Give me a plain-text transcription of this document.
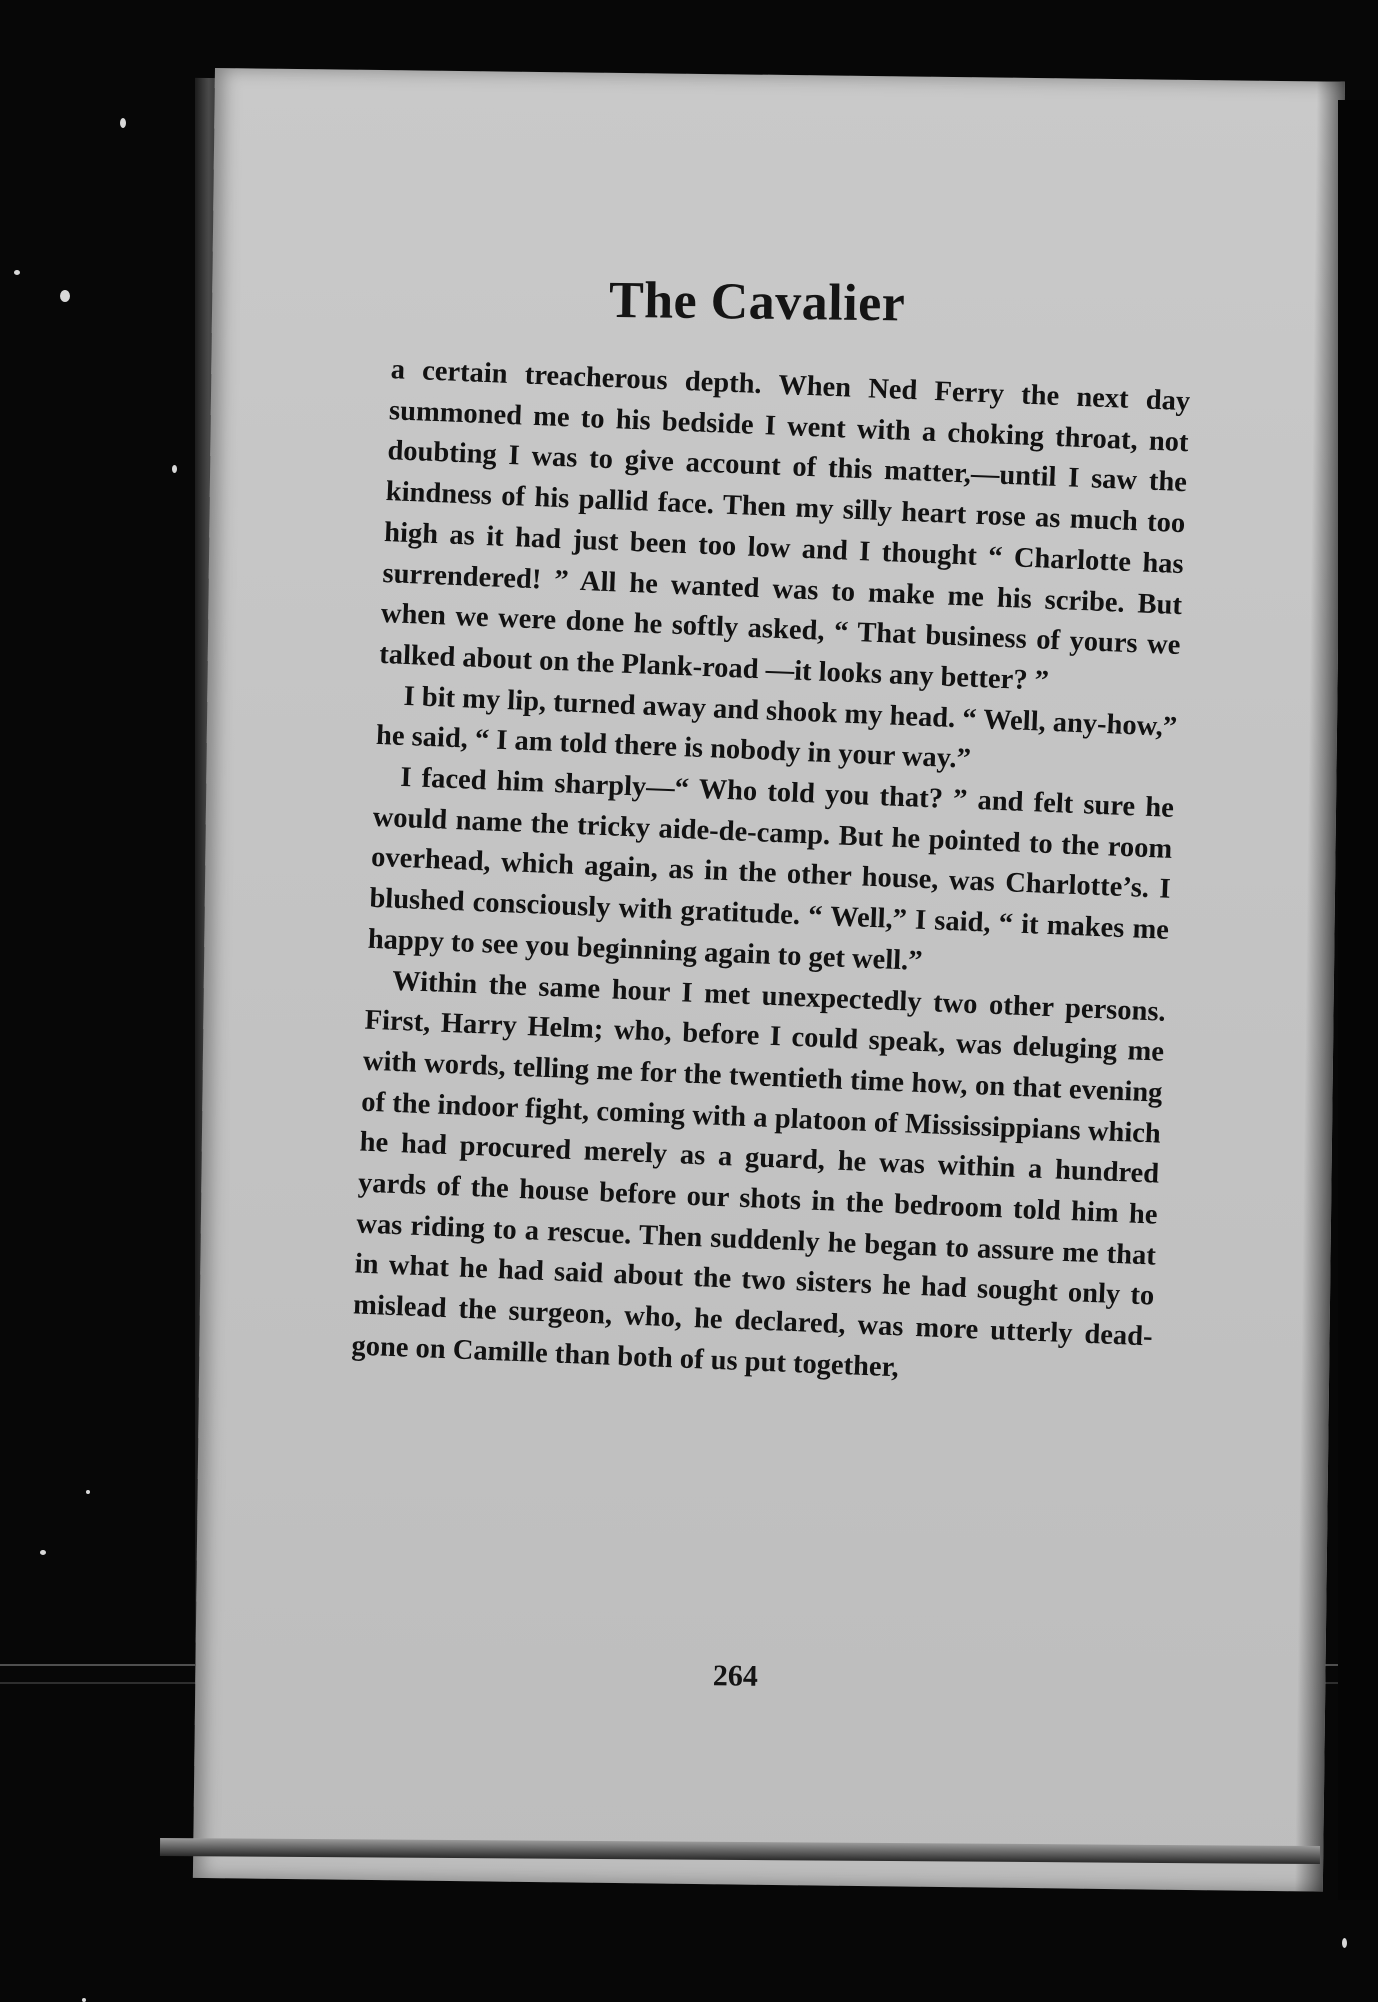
The Cavalier

a certain treacherous depth. When Ned Ferry the next day summoned me to his bedside I went with a choking throat, not doubting I was to give account of this matter,—until I saw the kindness of his pallid face. Then my silly heart rose as much too high as it had just been too low and I thought “ Charlotte has surrendered! ” All he wanted was to make me his scribe. But when we were done he softly asked, “ That business of yours we talked about on the Plank-road —it looks any better? ”

I bit my lip, turned away and shook my head. “ Well, any-how,” he said, “ I am told there is nobody in your way.”

I faced him sharply—“ Who told you that? ” and felt sure he would name the tricky aide-de-camp. But he pointed to the room overhead, which again, as in the other house, was Charlotte’s. I blushed consciously with gratitude. “ Well,” I said, “ it makes me happy to see you beginning again to get well.”

Within the same hour I met unexpectedly two other persons. First, Harry Helm; who, before I could speak, was deluging me with words, telling me for the twentieth time how, on that evening of the indoor fight, coming with a platoon of Mississippians which he had procured merely as a guard, he was within a hundred yards of the house before our shots in the bedroom told him he was riding to a rescue. Then suddenly he began to assure me that in what he had said about the two sisters he had sought only to mislead the surgeon, who, he declared, was more utterly dead-gone on Camille than both of us put together,

264
